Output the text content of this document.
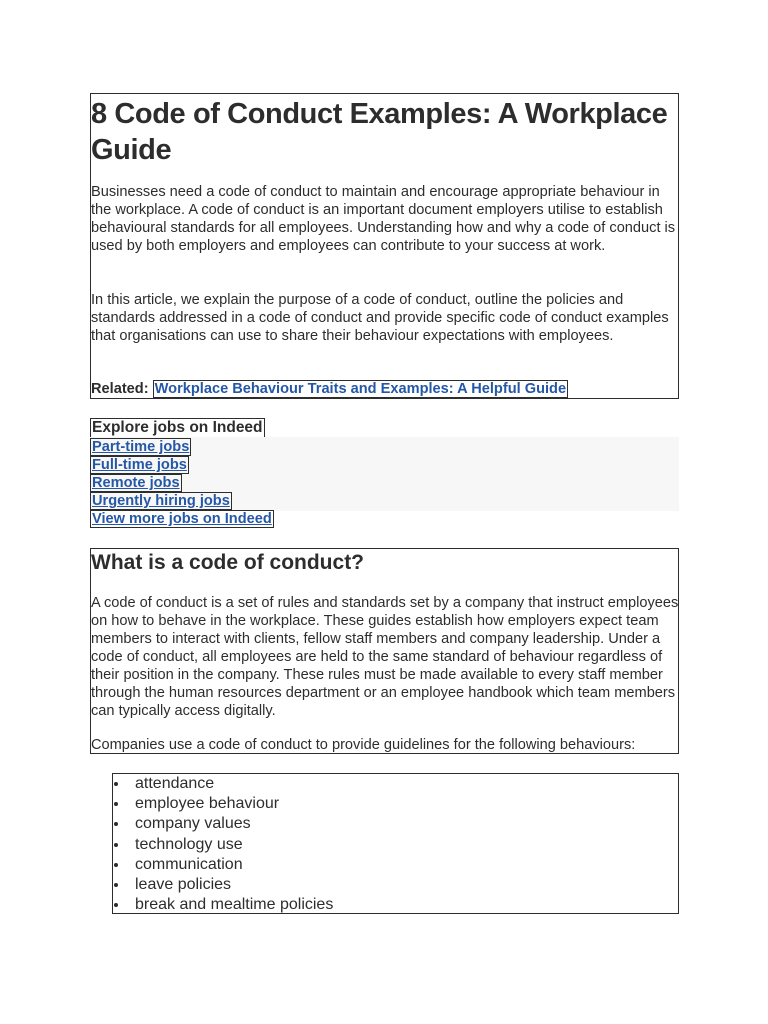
8 Code of Conduct Examples: A Workplace Guide

Businesses need a code of conduct to maintain and encourage appropriate behaviour in the workplace. A code of conduct is an important document employers utilise to establish behavioural standards for all employees. Understanding how and why a code of conduct is used by both employers and employees can contribute to your success at work.

In this article, we explain the purpose of a code of conduct, outline the policies and standards addressed in a code of conduct and provide specific code of conduct examples that organisations can use to share their behaviour expectations with employees.

Related: Workplace Behaviour Traits and Examples: A Helpful Guide
Explore jobs on Indeed
Part-time jobs
Full-time jobs
Remote jobs
Urgently hiring jobs
View more jobs on Indeed
What is a code of conduct?

A code of conduct is a set of rules and standards set by a company that instruct employees on how to behave in the workplace. These guides establish how employers expect team members to interact with clients, fellow staff members and company leadership. Under a code of conduct, all employees are held to the same standard of behaviour regardless of their position in the company. These rules must be made available to every staff member through the human resources department or an employee handbook which team members can typically access digitally.

Companies use a code of conduct to provide guidelines for the following behaviours:

attendance
employee behaviour
company values
technology use
communication
leave policies
break and mealtime policies
